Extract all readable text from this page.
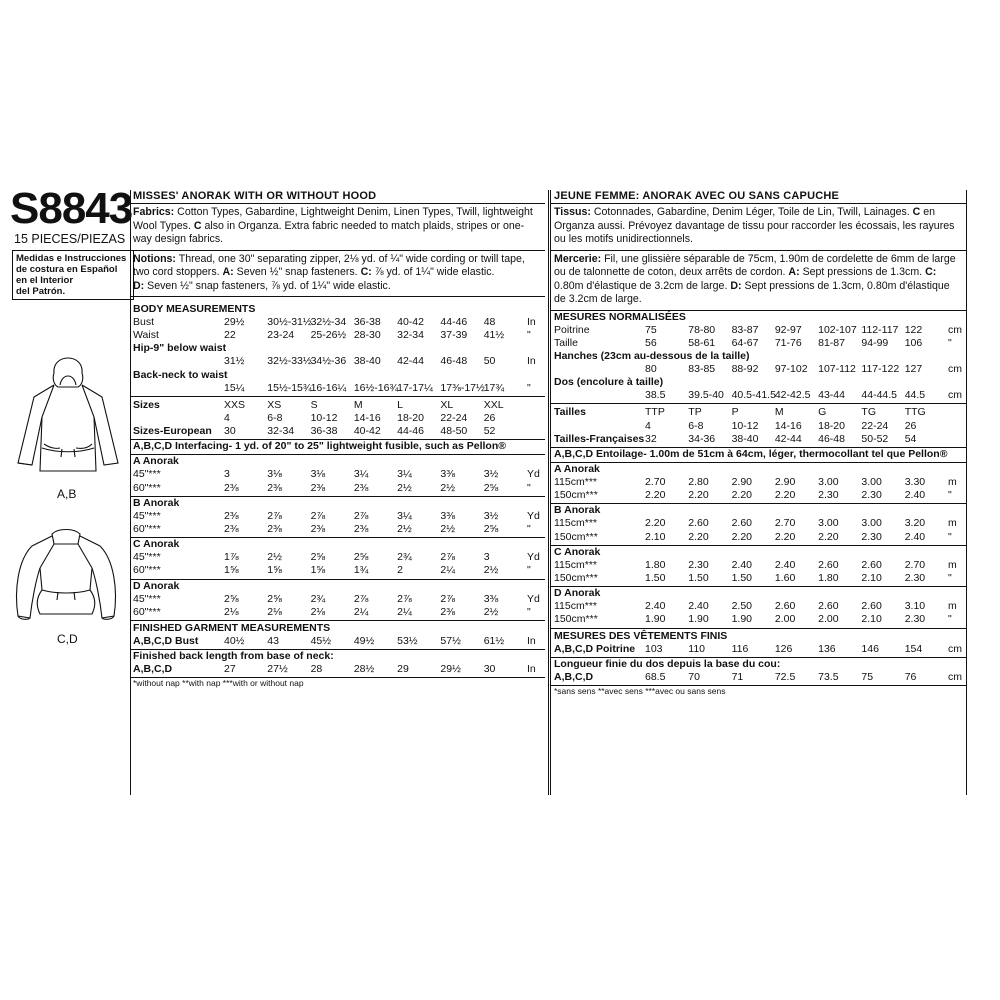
S8843
15 PIECES/PIEZAS
Medidas e Instrucciones
de costura en Español
en el Interior
del Patrón.
A,B
C,D
MISSES' ANORAK WITH OR WITHOUT HOOD
Fabrics: Cotton Types, Gabardine, Lightweight Denim, Linen Types, Twill, lightweight Wool Types. C also in Organza. Extra fabric needed to match plaids, stripes or one-way design fabrics.
Notions: Thread, one 30" separating zipper, 2⅛ yd. of ¼" wide cording or twill tape, two cord stoppers. A: Seven ½" snap fasteners. C: ⅞ yd. of 1¼" wide elastic.
D: Seven ½" snap fasteners, ⅞ yd. of 1¼" wide elastic.
BODY MEASUREMENTS
Bust	29½	30½-31½	32½-34	36-38	40-42	44-46	48	In
Waist	22	23-24	25-26½	28-30	32-34	37-39	41½	"
Hip-9" below waist
	31½	32½-33½	34½-36	38-40	42-44	46-48	50	In
Back-neck to waist
	15¼	15½-15¾	16-16¼	16½-16¾	17-17¼	17⅜-17½	17¾	"
Sizes	XXS	XS	S	M	L	XL	XXL	
	4	6-8	10-12	14-16	18-20	22-24	26	
Sizes-European	30	32-34	36-38	40-42	44-46	48-50	52	
A,B,C,D Interfacing- 1 yd. of 20" to 25" lightweight fusible, such as Pellon®
A Anorak
45"***	3	3⅛	3⅛	3¼	3¼	3⅜	3½	Yd
60"***	2⅜	2⅜	2⅜	2⅜	2½	2½	2⅝	"
B Anorak
45"***	2⅜	2⅞	2⅞	2⅞	3¼	3⅜	3½	Yd
60"***	2⅜	2⅜	2⅜	2⅜	2½	2½	2⅝	"
C Anorak
45"***	1⅞	2½	2⅝	2⅝	2¾	2⅞	3	Yd
60"***	1⅝	1⅝	1⅝	1¾	2	2¼	2½	"
D Anorak
45"***	2⅝	2⅝	2¾	2⅞	2⅞	2⅞	3⅜	Yd
60"***	2⅛	2⅛	2⅛	2¼	2¼	2⅜	2½	"
FINISHED GARMENT MEASUREMENTS
A,B,C,D Bust	40½	43	45½	49½	53½	57½	61½	In
Finished back length from base of neck:
A,B,C,D	27	27½	28	28½	29	29½	30	In
*without nap **with nap ***with or without nap
JEUNE FEMME: ANORAK AVEC OU SANS CAPUCHE
Tissus: Cotonnades, Gabardine, Denim Léger, Toile de Lin, Twill, Lainages. C en Organza aussi. Prévoyez davantage de tissu pour raccorder les écossais, les rayures ou les motifs unidirectionnels.
Mercerie: Fil, une glissière séparable de 75cm, 1.90m de cordelette de 6mm de large ou de talonnette de coton, deux arrêts de cordon. A: Sept pressions de 1.3cm. C: 0.80m d'élastique de 3.2cm de large. D: Sept pressions de 1.3cm, 0.80m d'élastique de 3.2cm de large.
MESURES NORMALISÉES
Poitrine	75	78-80	83-87	92-97	102-107	112-117	122	cm
Taille	56	58-61	64-67	71-76	81-87	94-99	106	"
Hanches (23cm au-dessous de la taille)
	80	83-85	88-92	97-102	107-112	117-122	127	cm
Dos (encolure à taille)
	38.5	39.5-40	40.5-41.5	42-42.5	43-44	44-44.5	44.5	cm
Tailles	TTP	TP	P	M	G	TG	TTG	
	4	6-8	10-12	14-16	18-20	22-24	26	
Tailles-Françaises	32	34-36	38-40	42-44	46-48	50-52	54	
A,B,C,D Entoilage- 1.00m de 51cm à 64cm, léger, thermocollant tel que Pellon®
A Anorak
115cm***	2.70	2.80	2.90	2.90	3.00	3.00	3.30	m
150cm***	2.20	2.20	2.20	2.20	2.30	2.30	2.40	"
B Anorak
115cm***	2.20	2.60	2.60	2.70	3.00	3.00	3.20	m
150cm***	2.10	2.20	2.20	2.20	2.20	2.30	2.40	"
C Anorak
115cm***	1.80	2.30	2.40	2.40	2.60	2.60	2.70	m
150cm***	1.50	1.50	1.50	1.60	1.80	2.10	2.30	"
D Anorak
115cm***	2.40	2.40	2.50	2.60	2.60	2.60	3.10	m
150cm***	1.90	1.90	1.90	2.00	2.00	2.10	2.30	"
MESURES DES VÊTEMENTS FINIS
A,B,C,D Poitrine	103	110	116	126	136	146	154	cm
Longueur finie du dos depuis la base du cou:
A,B,C,D	68.5	70	71	72.5	73.5	75	76	cm
*sans sens **avec sens ***avec ou sans sens
